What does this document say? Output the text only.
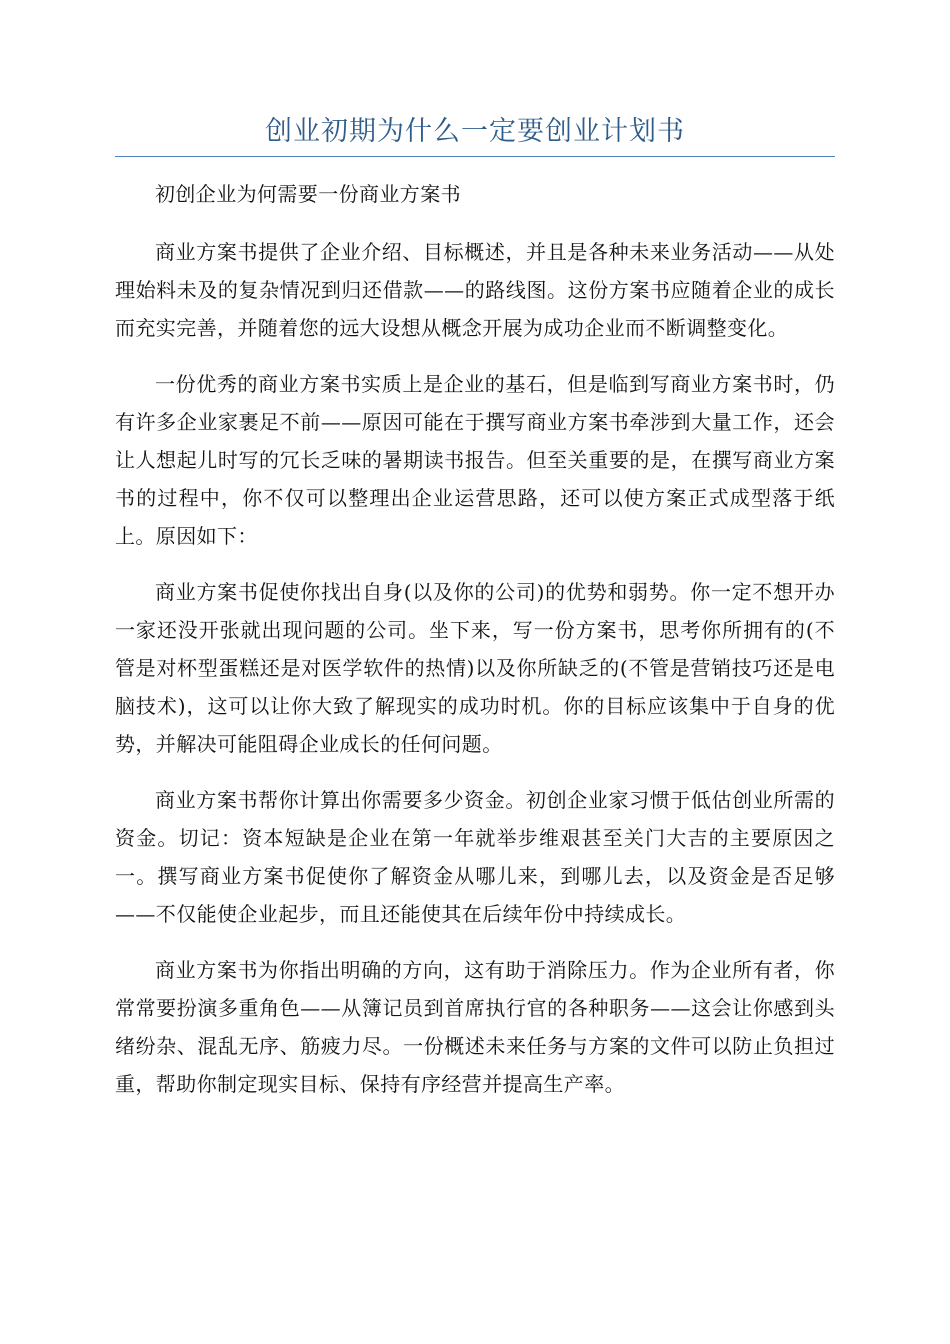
创业初期为什么一定要创业计划书

初创企业为何需要一份商业方案书

商业方案书提供了企业介绍、目标概述，并且是各种未来业务活动——从处理始料未及的复杂情况到归还借款——的路线图。这份方案书应随着企业的成长而充实完善，并随着您的远大设想从概念开展为成功企业而不断调整变化。

一份优秀的商业方案书实质上是企业的基石，但是临到写商业方案书时，仍有许多企业家裹足不前——原因可能在于撰写商业方案书牵涉到大量工作，还会让人想起儿时写的冗长乏味的暑期读书报告。但至关重要的是，在撰写商业方案书的过程中，你不仅可以整理出企业运营思路，还可以使方案正式成型落于纸上。原因如下：

商业方案书促使你找出自身(以及你的公司)的优势和弱势。你一定不想开办一家还没开张就出现问题的公司。坐下来，写一份方案书，思考你所拥有的(不管是对杯型蛋糕还是对医学软件的热情)以及你所缺乏的(不管是营销技巧还是电脑技术)，这可以让你大致了解现实的成功时机。你的目标应该集中于自身的优势，并解决可能阻碍企业成长的任何问题。

商业方案书帮你计算出你需要多少资金。初创企业家习惯于低估创业所需的资金。切记：资本短缺是企业在第一年就举步维艰甚至关门大吉的主要原因之一。撰写商业方案书促使你了解资金从哪儿来，到哪儿去，以及资金是否足够——不仅能使企业起步，而且还能使其在后续年份中持续成长。

商业方案书为你指出明确的方向，这有助于消除压力。作为企业所有者，你常常要扮演多重角色——从簿记员到首席执行官的各种职务——这会让你感到头绪纷杂、混乱无序、筋疲力尽。一份概述未来任务与方案的文件可以防止负担过重，帮助你制定现实目标、保持有序经营并提高生产率。
